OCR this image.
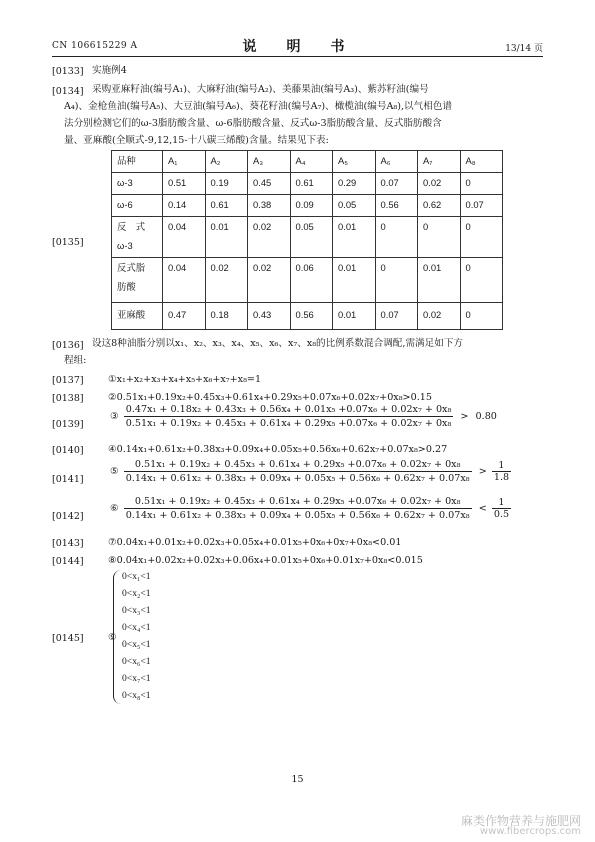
CN 106615229 A	说　明　书	13/14 页
[0133] 实施例4
[0134] 采购亚麻籽油(编号A₁)、大麻籽油(编号A₂)、美藤果油(编号A₃)、紫苏籽油(编号
A₄)、金枪鱼油(编号A₅)、大豆油(编号A₆)、葵花籽油(编号A₇)、橄榄油(编号A₈),以气相色谱
法分别检测它们的ω-3脂肪酸含量、ω-6脂肪酸含量、反式ω-3脂肪酸含量、反式脂肪酸含
量、亚麻酸(全顺式-9,12,15-十八碳三烯酸)含量。结果见下表:
[0135]
品种	A₁	A₂	A₃	A₄	A₅	A₆	A₇	A₈
ω-3	0.51	0.19	0.45	0.61	0.29	0.07	0.02	0
ω-6	0.14	0.61	0.38	0.09	0.05	0.56	0.62	0.07
反　式
ω-3	0.04	0.01	0.02	0.05	0.01	0	0	0
反式脂
肪酸	0.04	0.02	0.02	0.06	0.01	0	0.01	0
亚麻酸	0.47	0.18	0.43	0.56	0.01	0.07	0.02	0
[0136] 设这8种油脂分别以x₁、x₂、x₃、x₄、x₅、x₆、x₇、x₈的比例系数混合调配,需满足如下方
程组:
[0137]	①x₁+x₂+x₃+x₄+x₅+x₆+x₇+x₈=1
[0138]	②0.51x₁+0.19x₂+0.45x₃+0.61x₄+0.29x₅+0.07x₆+0.02x₇+0x₈>0.15
[0139]
③
0.47x₁ + 0.18x₂ + 0.43x₃ + 0.56x₄ + 0.01x₅ +0.07x₆ + 0.02x₇ + 0x₈
0.51x₁ + 0.19x₂ + 0.45x₃ + 0.61x₄ + 0.29x₅ +0.07x₆ + 0.02x₇ + 0x₈
> 0.80
[0140]	④0.14x₁+0.61x₂+0.38x₃+0.09x₄+0.05x₅+0.56x₆+0.62x₇+0.07x₈>0.27
[0141]
⑤
0.51x₁ + 0.19x₂ + 0.45x₃ + 0.61x₄ + 0.29x₅ +0.07x₆ + 0.02x₇ + 0x₈
0.14x₁ + 0.61x₂ + 0.38x₃ + 0.09x₄ + 0.05x₅ + 0.56x₆ + 0.62x₇ + 0.07x₈
> $\frac{1}{1.8}$
[0142]
⑥
0.51x₁ + 0.19x₂ + 0.45x₃ + 0.61x₄ + 0.29x₅ +0.07x₆ + 0.02x₇ + 0x₈
0.14x₁ + 0.61x₂ + 0.38x₃ + 0.09x₄ + 0.05x₅ + 0.56x₆ + 0.62x₇ + 0.07x₈
< $\frac{1}{0.5}$
[0143]	⑦0.04x₁+0.01x₂+0.02x₃+0.05x₄+0.01x₅+0x₆+0x₇+0x₈<0.01
[0144]	⑧0.04x₁+0.02x₂+0.02x₃+0.06x₄+0.01x₅+0x₆+0.01x₇+0x₈<0.015
[0145]	⑨
0<x₁<1
0<x₂<1
0<x₃<1
0<x₄<1
0<x₅<1
0<x₆<1
0<x₇<1
0<x₈<1
15
麻类作物营养与施肥网
www.fibercrops.com
